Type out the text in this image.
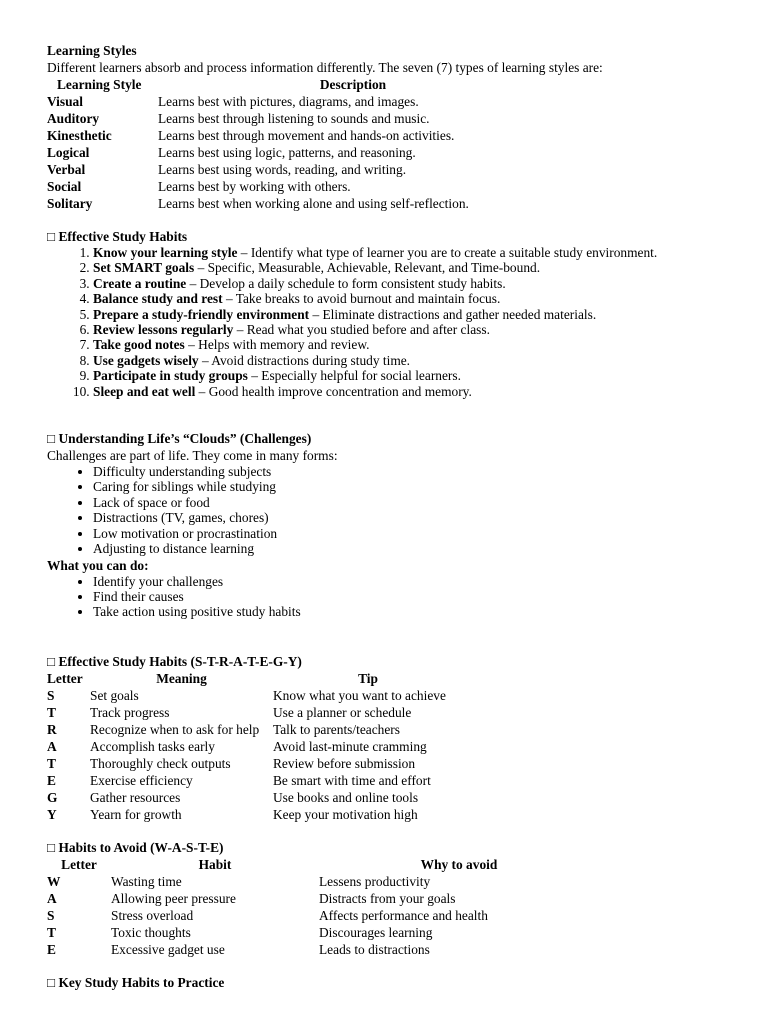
Learning Styles
Different learners absorb and process information differently. The seven (7) types of learning styles are:
Learning Style	Description
Visual	Learns best with pictures, diagrams, and images.
Auditory	Learns best through listening to sounds and music.
Kinesthetic	Learns best through movement and hands-on activities.
Logical	Learns best using logic, patterns, and reasoning.
Verbal	Learns best using words, reading, and writing.
Social	Learns best by working with others.
Solitary	Learns best when working alone and using self-reflection.
□ Effective Study Habits
1. Know your learning style – Identify what type of learner you are to create a suitable study environment.
2. Set SMART goals – Specific, Measurable, Achievable, Relevant, and Time-bound.
3. Create a routine – Develop a daily schedule to form consistent study habits.
4. Balance study and rest – Take breaks to avoid burnout and maintain focus.
5. Prepare a study-friendly environment – Eliminate distractions and gather needed materials.
6. Review lessons regularly – Read what you studied before and after class.
7. Take good notes – Helps with memory and review.
8. Use gadgets wisely – Avoid distractions during study time.
9. Participate in study groups – Especially helpful for social learners.
10. Sleep and eat well – Good health improve concentration and memory.
□ Understanding Life’s “Clouds” (Challenges)
Challenges are part of life. They come in many forms:
• Difficulty understanding subjects
• Caring for siblings while studying
• Lack of space or food
• Distractions (TV, games, chores)
• Low motivation or procrastination
• Adjusting to distance learning
What you can do:
• Identify your challenges
• Find their causes
• Take action using positive study habits
□ Effective Study Habits (S-T-R-A-T-E-G-Y)
Letter	Meaning	Tip
S	Set goals	Know what you want to achieve
T	Track progress	Use a planner or schedule
R	Recognize when to ask for help	Talk to parents/teachers
A	Accomplish tasks early	Avoid last-minute cramming
T	Thoroughly check outputs	Review before submission
E	Exercise efficiency	Be smart with time and effort
G	Gather resources	Use books and online tools
Y	Yearn for growth	Keep your motivation high
□ Habits to Avoid (W-A-S-T-E)
Letter	Habit	Why to avoid
W	Wasting time	Lessens productivity
A	Allowing peer pressure	Distracts from your goals
S	Stress overload	Affects performance and health
T	Toxic thoughts	Discourages learning
E	Excessive gadget use	Leads to distractions
□ Key Study Habits to Practice
